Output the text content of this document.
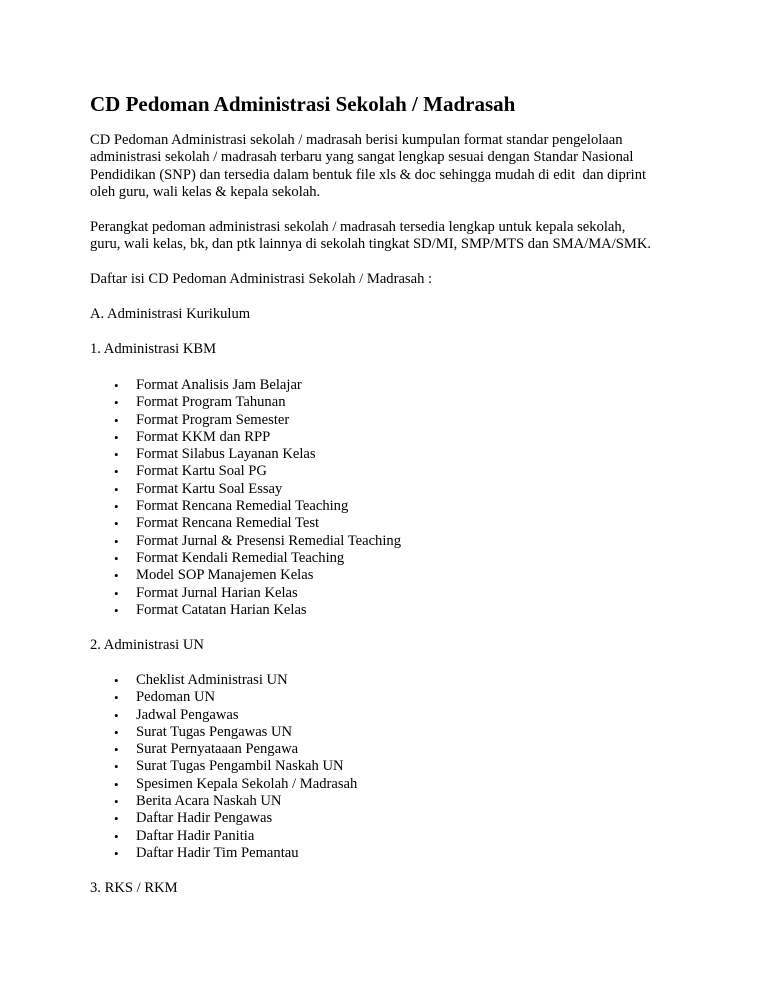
CD Pedoman Administrasi Sekolah / Madrasah

CD Pedoman Administrasi sekolah / madrasah berisi kumpulan format standar pengelolaan
administrasi sekolah / madrasah terbaru yang sangat lengkap sesuai dengan Standar Nasional
Pendidikan (SNP) dan tersedia dalam bentuk file xls & doc sehingga mudah di edit  dan diprint
oleh guru, wali kelas & kepala sekolah.

Perangkat pedoman administrasi sekolah / madrasah tersedia lengkap untuk kepala sekolah,
guru, wali kelas, bk, dan ptk lainnya di sekolah tingkat SD/MI, SMP/MTS dan SMA/MA/SMK.

Daftar isi CD Pedoman Administrasi Sekolah / Madrasah :

A. Administrasi Kurikulum

1. Administrasi KBM

• Format Analisis Jam Belajar
• Format Program Tahunan
• Format Program Semester
• Format KKM dan RPP
• Format Silabus Layanan Kelas
• Format Kartu Soal PG
• Format Kartu Soal Essay
• Format Rencana Remedial Teaching
• Format Rencana Remedial Test
• Format Jurnal & Presensi Remedial Teaching
• Format Kendali Remedial Teaching
• Model SOP Manajemen Kelas
• Format Jurnal Harian Kelas
• Format Catatan Harian Kelas

2. Administrasi UN

• Cheklist Administrasi UN
• Pedoman UN
• Jadwal Pengawas
• Surat Tugas Pengawas UN
• Surat Pernyataaan Pengawa
• Surat Tugas Pengambil Naskah UN
• Spesimen Kepala Sekolah / Madrasah
• Berita Acara Naskah UN
• Daftar Hadir Pengawas
• Daftar Hadir Panitia
• Daftar Hadir Tim Pemantau

3. RKS / RKM
